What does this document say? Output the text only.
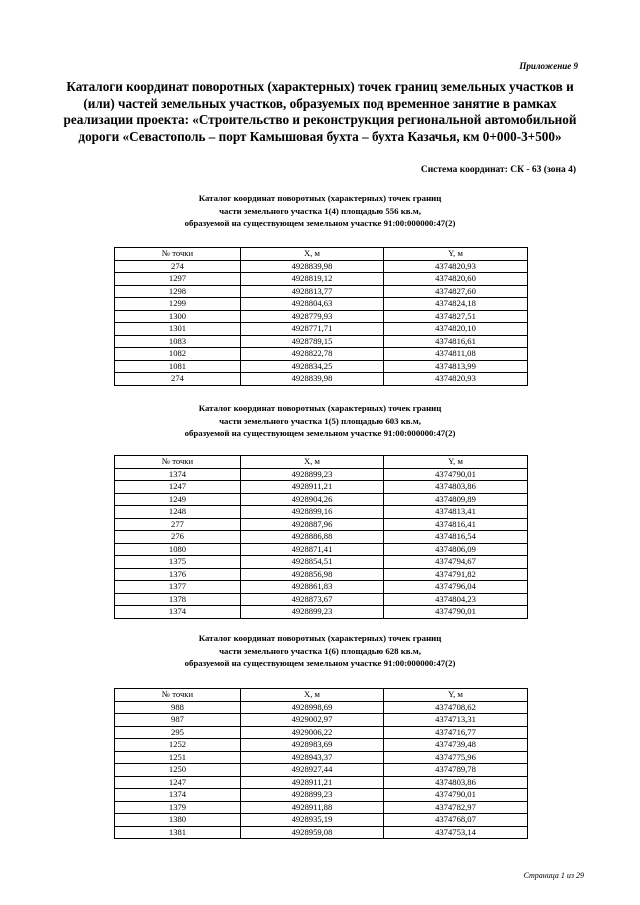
Приложение 9
Каталоги координат поворотных (характерных) точек границ земельных участков и
(или) частей земельных участков, образуемых под временное занятие в рамках
реализации проекта: «Строительство и реконструкция региональной автомобильной
дороги «Севастополь – порт Камышовая бухта – бухта Казачья, км 0+000-3+500»
Система координат: СК - 63 (зона 4)
Каталог координат поворотных (характерных) точек границ
части земельного участка 1(4) площадью 556 кв.м,
образуемой на существующем земельном участке 91:00:000000:47(2)
№ точки	X, м	Y, м
274	4928839,98	4374820,93
1297	4928819,12	4374820,60
1298	4928813,77	4374827,60
1299	4928804,63	4374824,18
1300	4928779,93	4374827,51
1301	4928771,71	4374820,10
1083	4928789,15	4374816,61
1082	4928822,78	4374811,08
1081	4928834,25	4374813,99
274	4928839,98	4374820,93
Каталог координат поворотных (характерных) точек границ
части земельного участка 1(5) площадью 603 кв.м,
образуемой на существующем земельном участке 91:00:000000:47(2)
№ точки	X, м	Y, м
1374	4928899,23	4374790,01
1247	4928911,21	4374803,86
1249	4928904,26	4374809,89
1248	4928899,16	4374813,41
277	4928887,96	4374816,41
276	4928886,88	4374816,54
1080	4928871,41	4374806,09
1375	4928854,51	4374794,67
1376	4928856,98	4374791,82
1377	4928861,83	4374796,04
1378	4928873,67	4374804,23
1374	4928899,23	4374790,01
Каталог координат поворотных (характерных) точек границ
части земельного участка 1(6) площадью 628 кв.м,
образуемой на существующем земельном участке 91:00:000000:47(2)
№ точки	X, м	Y, м
988	4928998,69	4374708,62
987	4929002,97	4374713,31
295	4929006,22	4374716,77
1252	4928983,69	4374739,48
1251	4928943,37	4374775,96
1250	4928927,44	4374789,78
1247	4928911,21	4374803,86
1374	4928899,23	4374790,01
1379	4928911,88	4374782,97
1380	4928935,19	4374768,07
1381	4928959,08	4374753,14
Страница 1 из 29
